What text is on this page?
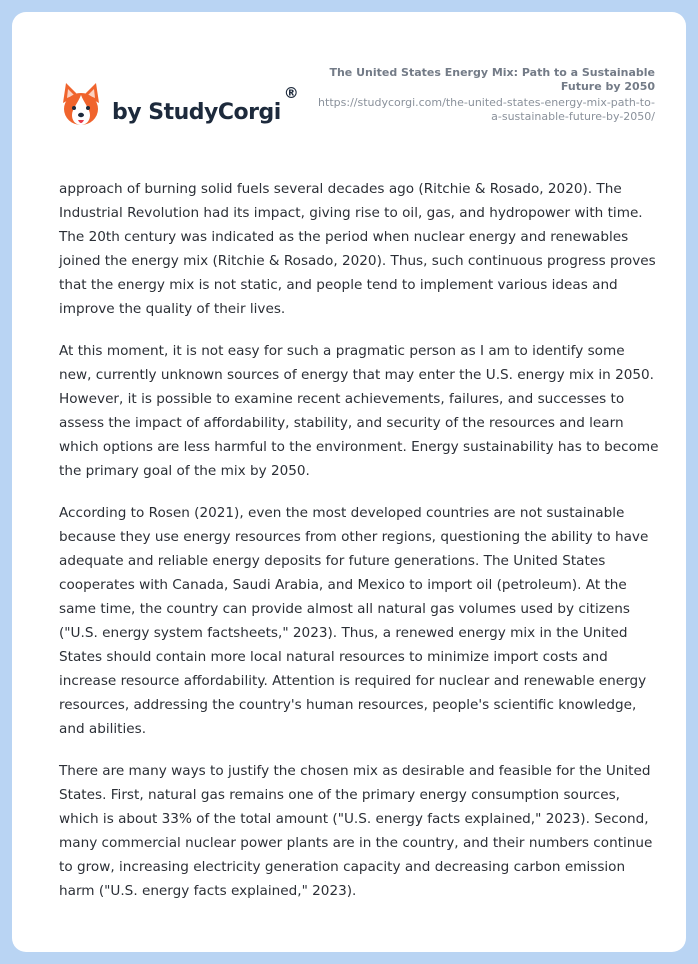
by StudyCorgi
®
The United States Energy Mix: Path to a Sustainable Future by 2050
https://studycorgi.com/the-united-states-energy-mix-path-to-a-sustainable-future-by-2050/

approach of burning solid fuels several decades ago (Ritchie & Rosado, 2020). The Industrial Revolution had its impact, giving rise to oil, gas, and hydropower with time. The 20th century was indicated as the period when nuclear energy and renewables joined the energy mix (Ritchie & Rosado, 2020). Thus, such continuous progress proves that the energy mix is not static, and people tend to implement various ideas and improve the quality of their lives.

At this moment, it is not easy for such a pragmatic person as I am to identify some new, currently unknown sources of energy that may enter the U.S. energy mix in 2050. However, it is possible to examine recent achievements, failures, and successes to assess the impact of affordability, stability, and security of the resources and learn which options are less harmful to the environment. Energy sustainability has to become the primary goal of the mix by 2050.

According to Rosen (2021), even the most developed countries are not sustainable because they use energy resources from other regions, questioning the ability to have adequate and reliable energy deposits for future generations. The United States cooperates with Canada, Saudi Arabia, and Mexico to import oil (petroleum). At the same time, the country can provide almost all natural gas volumes used by citizens ("U.S. energy system factsheets," 2023). Thus, a renewed energy mix in the United States should contain more local natural resources to minimize import costs and increase resource affordability. Attention is required for nuclear and renewable energy resources, addressing the country's human resources, people's scientific knowledge, and abilities.

There are many ways to justify the chosen mix as desirable and feasible for the United States. First, natural gas remains one of the primary energy consumption sources, which is about 33% of the total amount ("U.S. energy facts explained," 2023). Second, many commercial nuclear power plants are in the country, and their numbers continue to grow, increasing electricity generation capacity and decreasing carbon emission harm ("U.S. energy facts explained," 2023).
